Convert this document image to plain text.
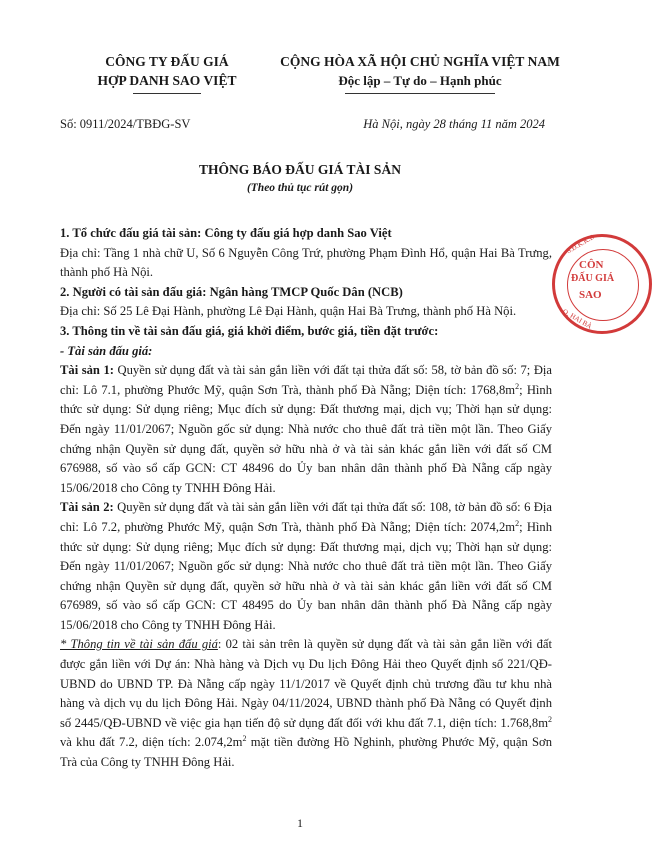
CÔNG TY ĐẤU GIÁ
HỢP DANH SAO VIỆT
CỘNG HÒA XÃ HỘI CHỦ NGHĨA VIỆT NAM
Độc lập – Tự do – Hạnh phúc
Số: 0911/2024/TBĐG-SV	Hà Nội, ngày 28 tháng 11 năm 2024
THÔNG BÁO ĐẤU GIÁ TÀI SẢN
(Theo thủ tục rút gọn)

1. Tổ chức đấu giá tài sản: Công ty đấu giá hợp danh Sao Việt

Địa chỉ: Tầng 1 nhà chữ U, Số 6 Nguyễn Công Trứ, phường Phạm Đình Hổ, quận Hai Bà Trưng, thành phố Hà Nội.

2. Người có tài sản đấu giá: Ngân hàng TMCP Quốc Dân (NCB)

Địa chỉ: Số 25 Lê Đại Hành, phường Lê Đại Hành, quận Hai Bà Trưng, thành phố Hà Nội.

3. Thông tin về tài sản đấu giá, giá khởi điểm, bước giá, tiền đặt trước:

- Tài sản đấu giá:

Tài sản 1: Quyền sử dụng đất và tài sản gắn liền với đất tại thửa đất số: 58, tờ bản đồ số: 7; Địa chỉ: Lô 7.1, phường Phước Mỹ, quận Sơn Trà, thành phố Đà Nẵng; Diện tích: $1768,8m^2$; Hình thức sử dụng: Sử dụng riêng; Mục đích sử dụng: Đất thương mại, dịch vụ; Thời hạn sử dụng: Đến ngày 11/01/2067; Nguồn gốc sử dụng: Nhà nước cho thuê đất trả tiền một lần. Theo Giấy chứng nhận Quyền sử dụng đất, quyền sở hữu nhà ở và tài sản khác gắn liền với đất số CM 676988, số vào sổ cấp GCN: CT 48496 do Ủy ban nhân dân thành phố Đà Nẵng cấp ngày 15/06/2018 cho Công ty TNHH Đông Hải.

Tài sản 2: Quyền sử dụng đất và tài sản gắn liền với đất tại thửa đất số: 108, tờ bản đồ số: 6 Địa chỉ: Lô 7.2, phường Phước Mỹ, quận Sơn Trà, thành phố Đà Nẵng; Diện tích: $2074,2m^2$; Hình thức sử dụng: Sử dụng riêng; Mục đích sử dụng: Đất thương mại, dịch vụ; Thời hạn sử dụng: Đến ngày 11/01/2067; Nguồn gốc sử dụng: Nhà nước cho thuê đất trả tiền một lần. Theo Giấy chứng nhận Quyền sử dụng đất, quyền sở hữu nhà ở và tài sản khác gắn liền với đất số CM 676989, số vào sổ cấp GCN: CT 48495 do Ủy ban nhân dân thành phố Đà Nẵng cấp ngày 15/06/2018 cho Công ty TNHH Đông Hải.

* Thông tin về tài sản đấu giá: 02 tài sản trên là quyền sử dụng đất và tài sản gắn liền với đất được gắn liền với Dự án: Nhà hàng và Dịch vụ Du lịch Đông Hải theo Quyết định số 221/QĐ-UBND do UBND TP. Đà Nẵng cấp ngày 11/1/2017 về Quyết định chủ trương đầu tư khu nhà hàng và dịch vụ du lịch Đông Hải. Ngày 04/11/2024, UBND thành phố Đà Nẵng có Quyết định số 2445/QĐ-UBND về việc gia hạn tiến độ sử dụng đất đối với khu đất 7.1, diện tích: $1.768,8m^2$ và khu đất 7.2, diện tích: $2.074,2m^2$ mặt tiền đường Hồ Nghinh, phường Phước Mỹ, quận Sơn Trà của Công ty TNHH Đông Hải.

S.Đ.K.K.D
CÔN
ĐẤU GIÁ
SAO
Q. HAI BÀ
1
